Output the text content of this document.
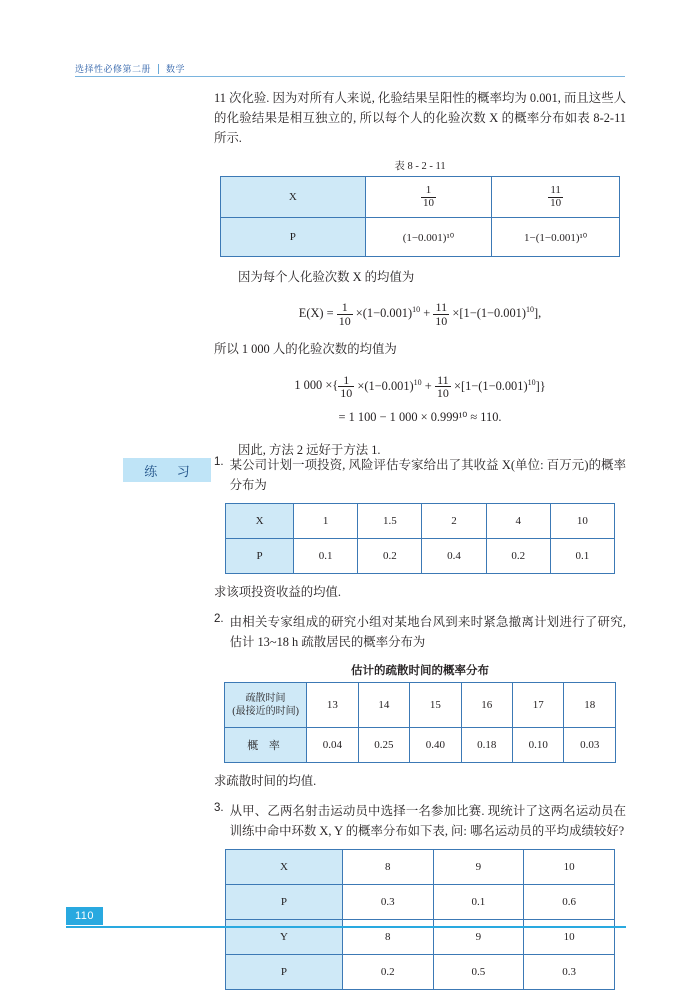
选择性必修第二册 数学

11 次化验. 因为对所有人来说, 化验结果呈阳性的概率均为 0.001, 而且这些人的化验结果是相互独立的, 所以每个人的化验次数 X 的概率分布如表 8-2-11 所示.

表 8 - 2 - 11
X	$\frac{1}{10}$	$\frac{11}{10}$

P	(1−0.001)¹⁰	1−(1−0.001)¹⁰

因为每个人化验次数 X 的均值为

$E(X) = \frac{1}{10} \times(1-0.001)^{10} + \frac{11}{10} \times[1-(1-0.001)^{10}]$,

所以 1 000 人的化验次数的均值为

1 000 ×{ $\frac{1}{10} \times(1-0.001)^{10} + \frac{11}{10} \times[1-(1-0.001)^{10}]$}
= 1 100 − 1 000 × 0.999¹⁰ ≈ 110.

因此, 方法 2 远好于方法 1.

练 习
1. 某公司计划一项投资, 风险评估专家给出了其收益 X(单位: 百万元)的概率分布为
X	1	1.5	2	4	10
P	0.1	0.2	0.4	0.2	0.1

求该项投资收益的均值.

2. 由相关专家组成的研究小组对某地台风到来时紧急撤离计划进行了研究, 估计 13~18 h 疏散居民的概率分布为
估计的疏散时间的概率分布
疏散时间
(最接近的时间)	13	14	15	16	17	18
概 率	0.04	0.25	0.40	0.18	0.10	0.03

求疏散时间的均值.

3. 从甲、乙两名射击运动员中选择一名参加比赛. 现统计了这两名运动员在训练中命中环数 X, Y 的概率分布如下表, 问: 哪名运动员的平均成绩较好?
X	8	9	10
P	0.3	0.1	0.6
Y	8	9	10
P	0.2	0.5	0.3
110
